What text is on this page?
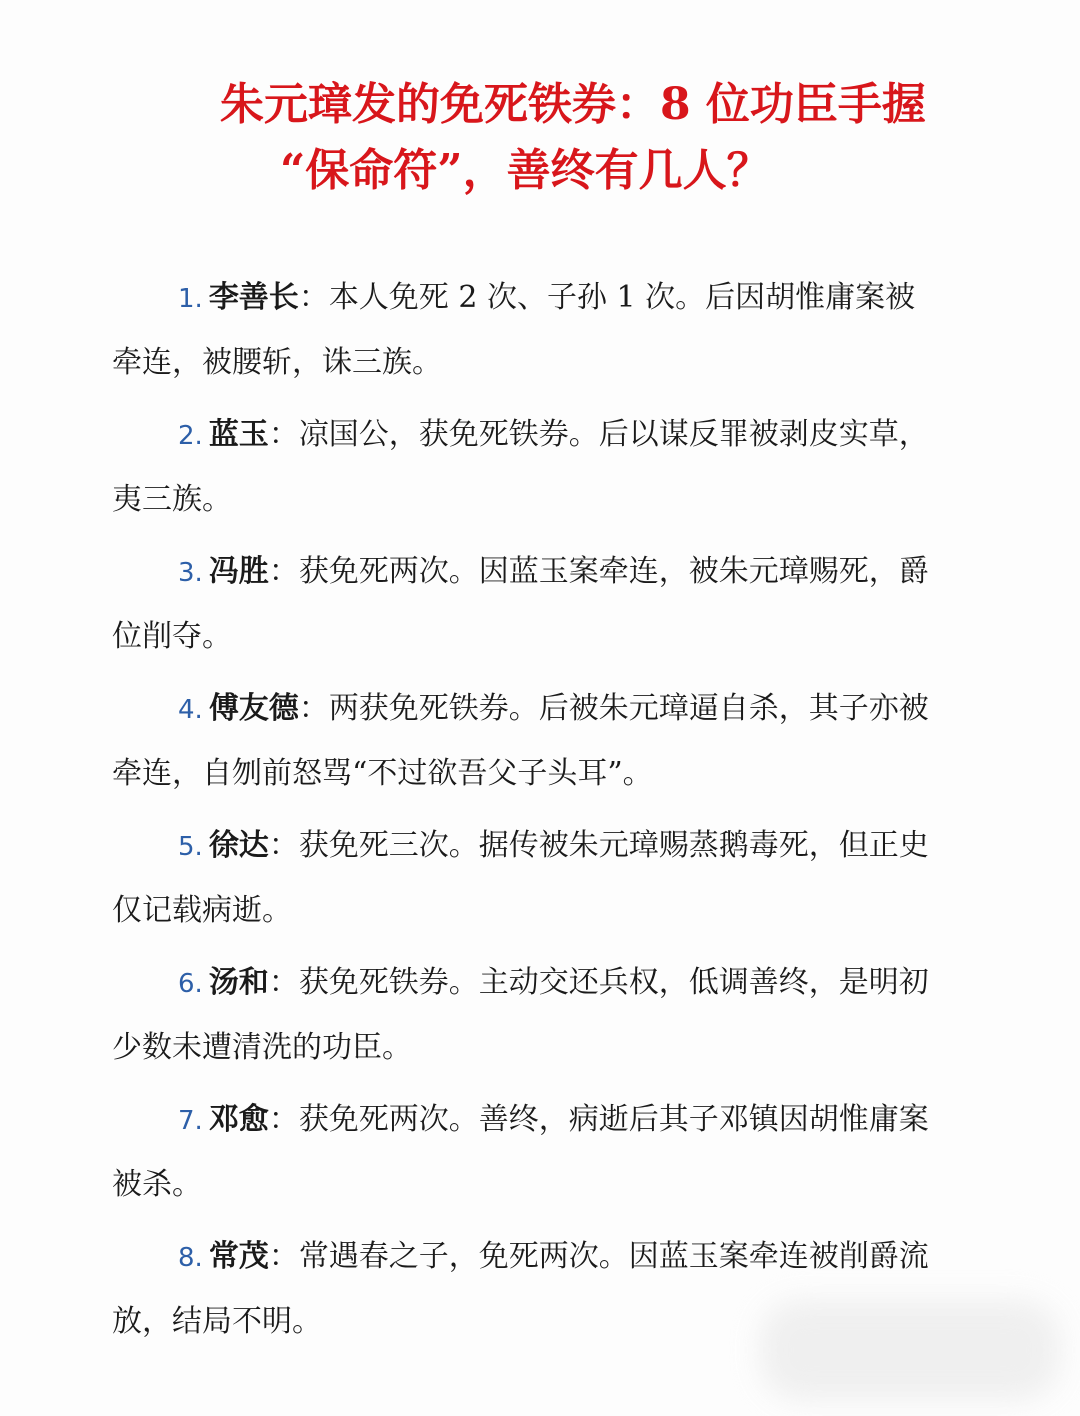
朱元璋发的免死铁券：8 位功臣手握
“保命符”，善终有几人？

1. 李善长：本人免死 2 次、子孙 1 次。后因胡惟庸案被牵连，被腰斩，诛三族。

2. 蓝玉：凉国公，获免死铁券。后以谋反罪被剥皮实草，夷三族。

3. 冯胜：获免死两次。因蓝玉案牵连，被朱元璋赐死，爵位削夺。

4. 傅友德：两获免死铁券。后被朱元璋逼自杀，其子亦被牵连，自刎前怒骂“不过欲吾父子头耳”。

5. 徐达：获免死三次。据传被朱元璋赐蒸鹅毒死，但正史仅记载病逝。

6. 汤和：获免死铁券。主动交还兵权，低调善终，是明初少数未遭清洗的功臣。

7. 邓愈：获免死两次。善终，病逝后其子邓镇因胡惟庸案被杀。

8. 常茂：常遇春之子，免死两次。因蓝玉案牵连被削爵流放，结局不明。
